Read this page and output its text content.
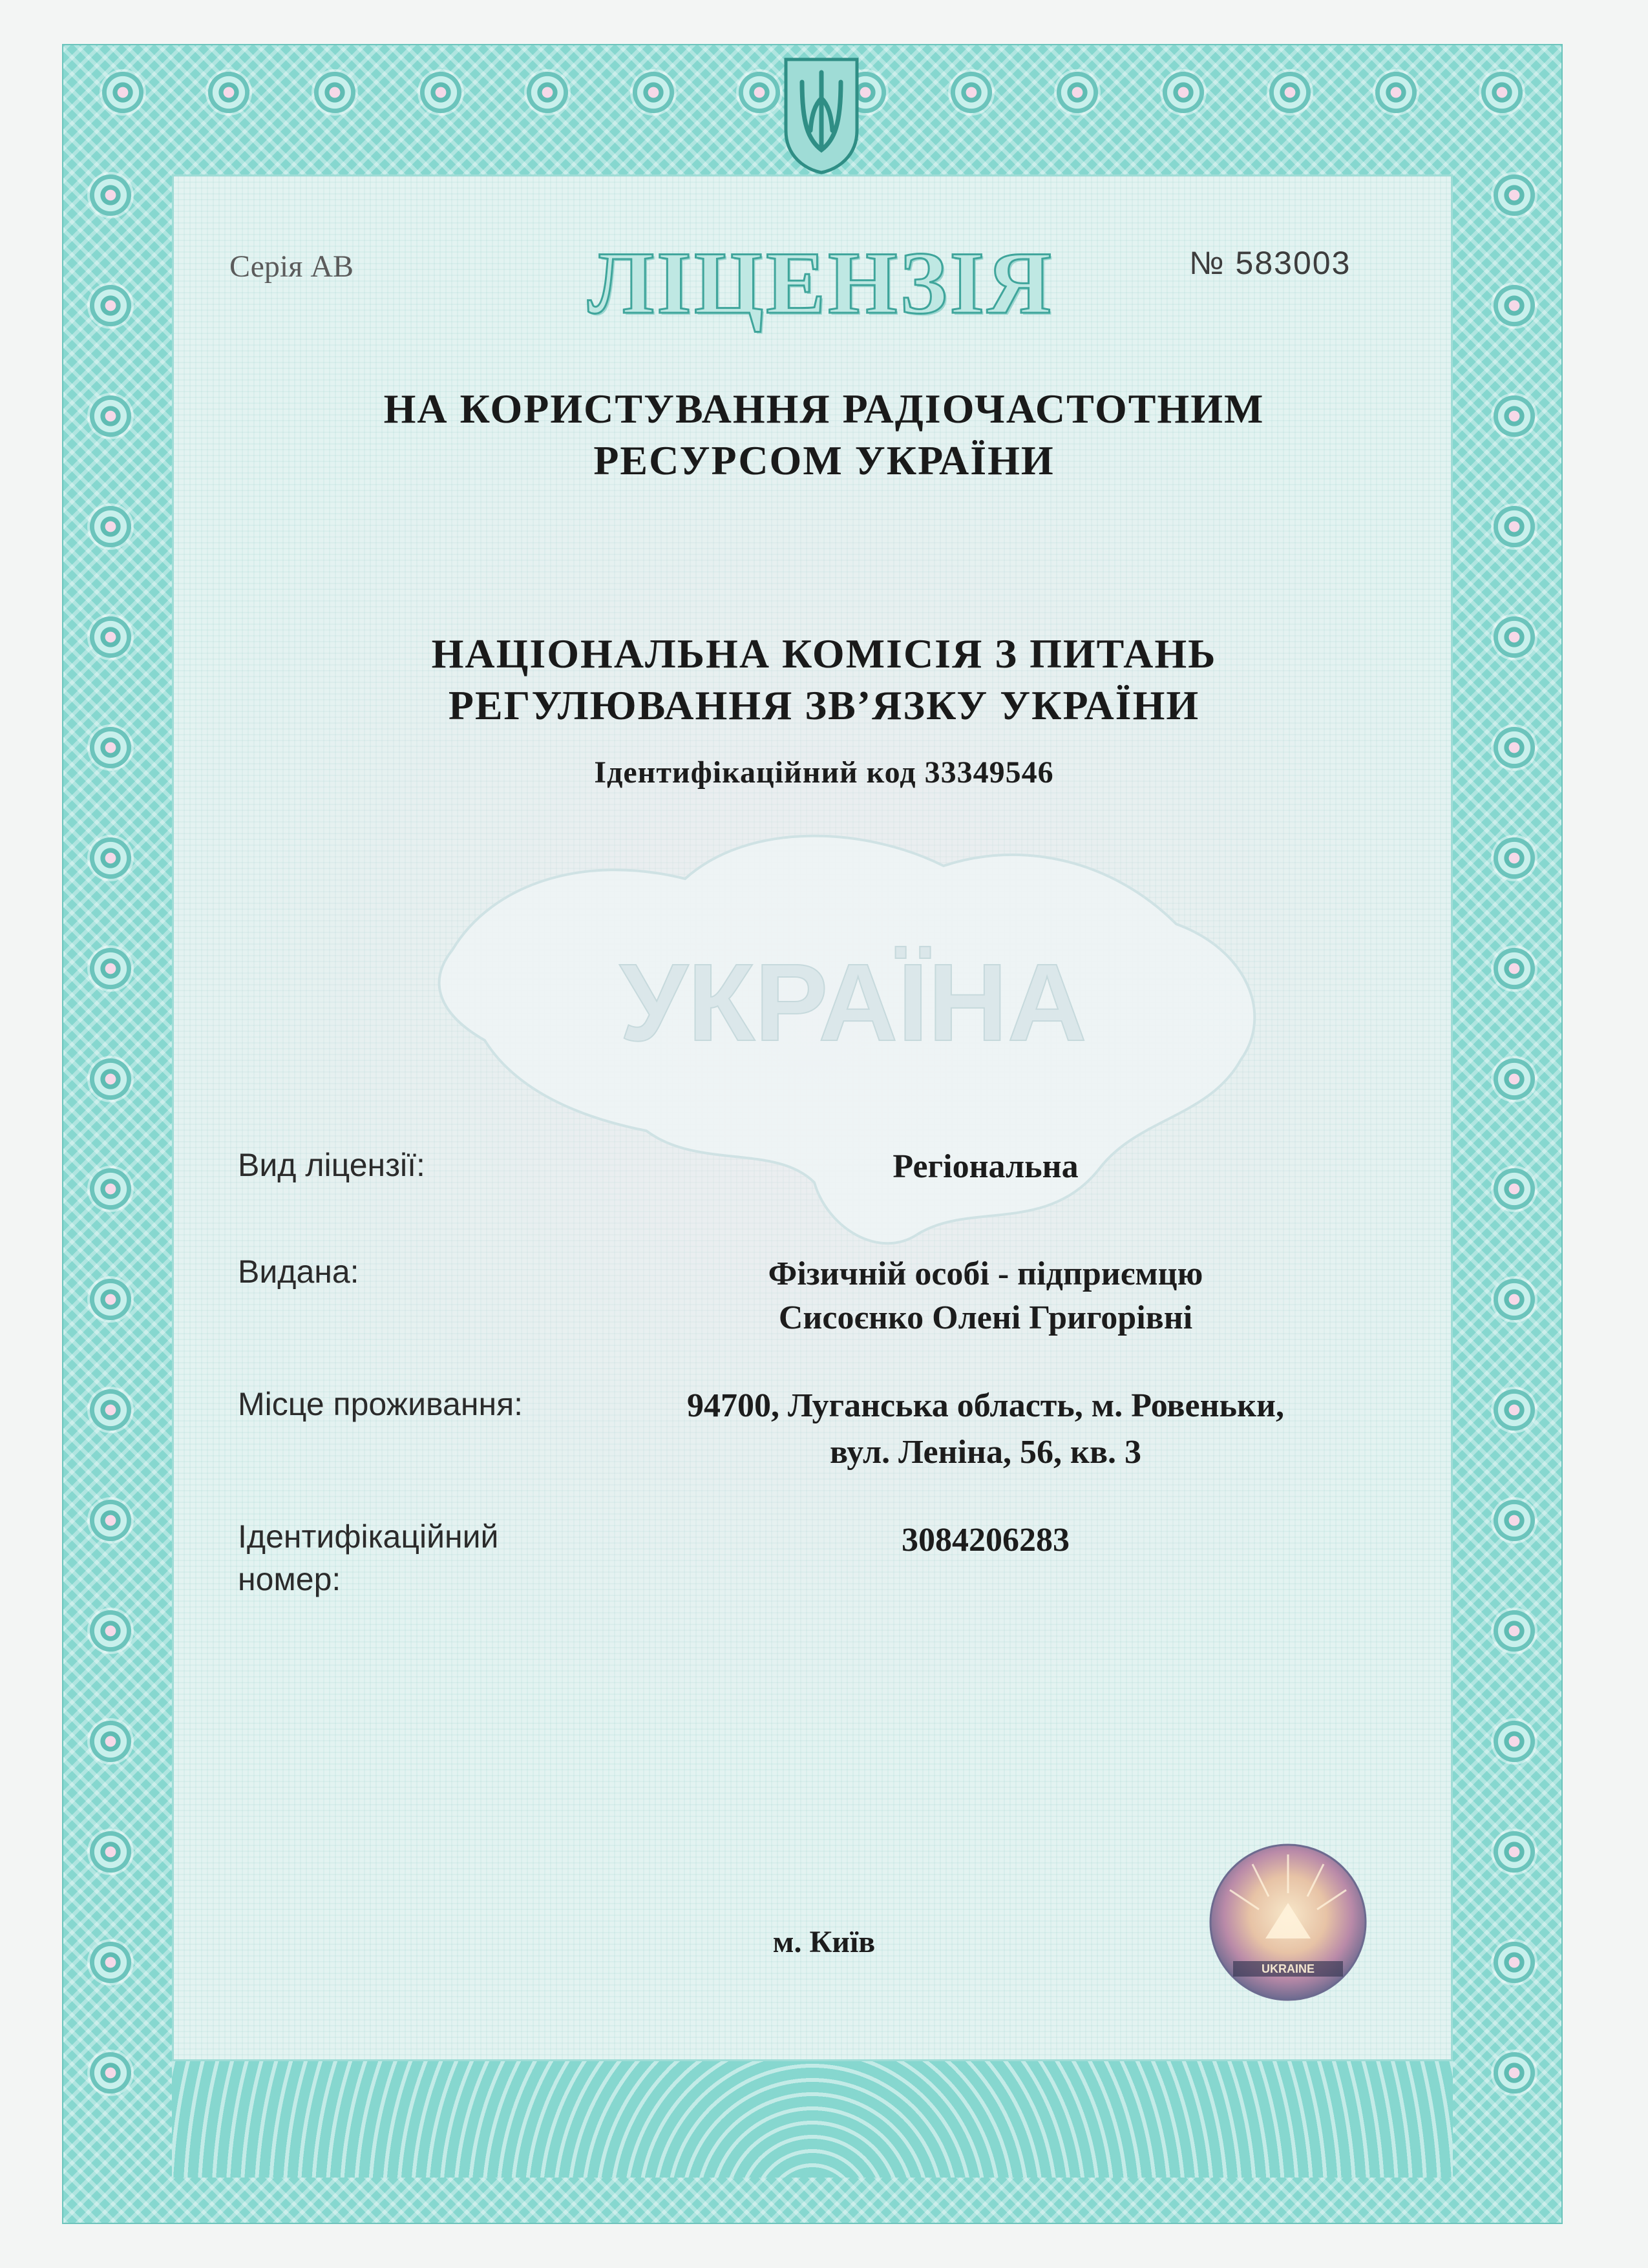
УКРАЇНА
Серія АВ	ЛІЦЕНЗІЯ	№ 583003
НА КОРИСТУВАННЯ РАДІОЧАСТОТНИМ
РЕСУРСОМ УКРАЇНИ
НАЦІОНАЛЬНА КОМІСІЯ З ПИТАНЬ
РЕГУЛЮВАННЯ ЗВ’ЯЗКУ УКРАЇНИ
Ідентифікаційний код 33349546
Вид ліцензії:	Регіональна
Видана:	Фізичній особі - підприємцю
Сисоєнко Олені Григорівні
Місце проживання:	94700, Луганська область, м. Ровеньки,
вул. Леніна, 56, кв. 3
Ідентифікаційний
номер:
3084206283
м. Київ
UKRAINE
